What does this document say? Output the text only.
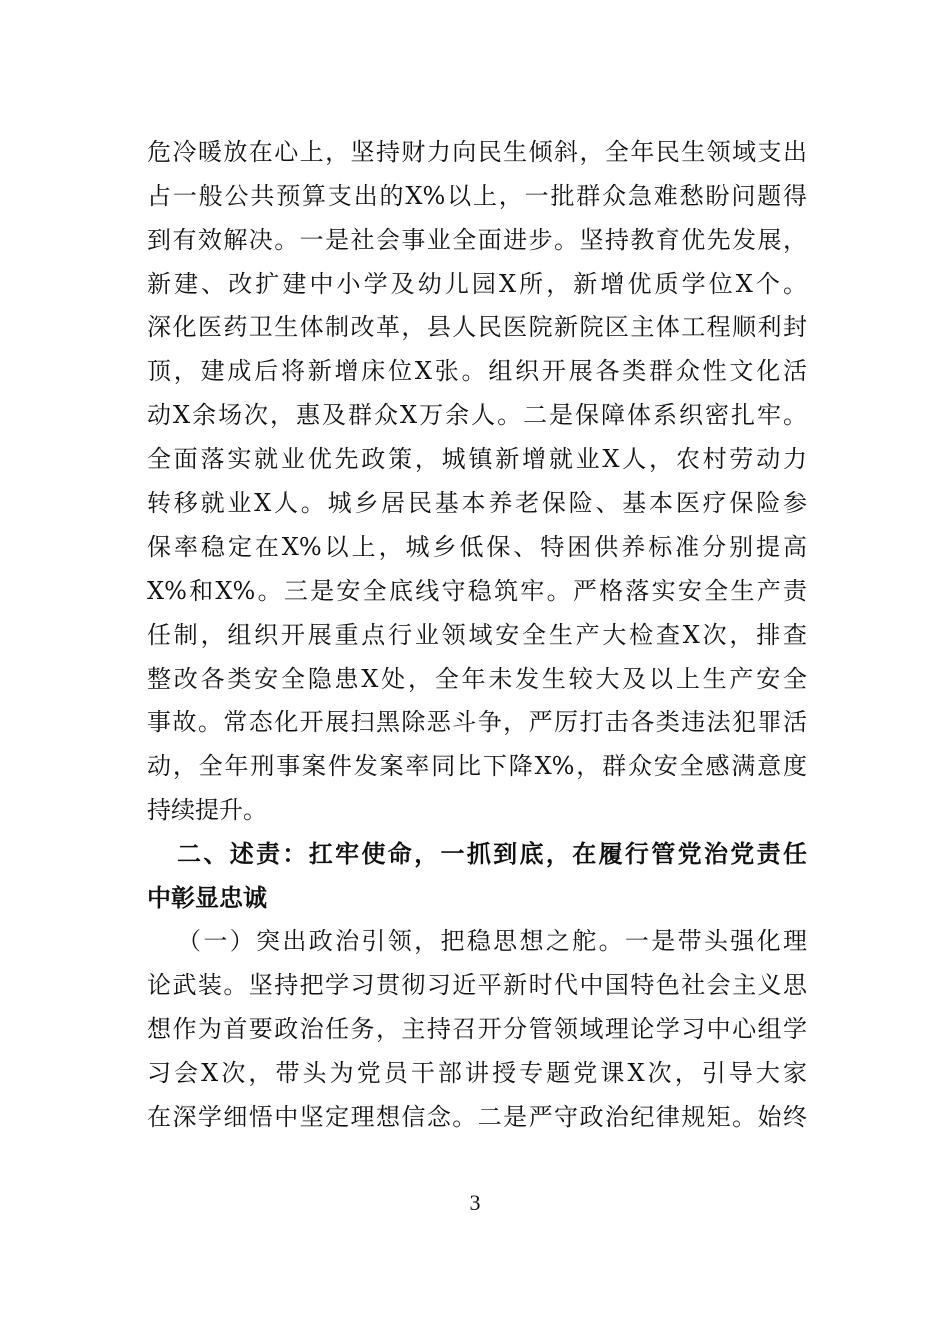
危冷暖放在心上，坚持财力向民生倾斜，全年民生领域支出
占一般公共预算支出的X%以上，一批群众急难愁盼问题得
到有效解决。一是社会事业全面进步。坚持教育优先发展，
新建、改扩建中小学及幼儿园X所，新增优质学位X个。
深化医药卫生体制改革，县人民医院新院区主体工程顺利封
顶，建成后将新增床位X张。组织开展各类群众性文化活
动X余场次，惠及群众X万余人。二是保障体系织密扎牢。
全面落实就业优先政策，城镇新增就业X人，农村劳动力
转移就业X人。城乡居民基本养老保险、基本医疗保险参
保率稳定在X%以上，城乡低保、特困供养标准分别提高
X%和X%。三是安全底线守稳筑牢。严格落实安全生产责
任制，组织开展重点行业领域安全生产大检查X次，排查
整改各类安全隐患X处，全年未发生较大及以上生产安全
事故。常态化开展扫黑除恶斗争，严厉打击各类违法犯罪活
动，全年刑事案件发案率同比下降X%，群众安全感满意度
持续提升。
二、述责：扛牢使命，一抓到底，在履行管党治党责任
中彰显忠诚
（一）突出政治引领，把稳思想之舵。一是带头强化理
论武装。坚持把学习贯彻习近平新时代中国特色社会主义思
想作为首要政治任务，主持召开分管领域理论学习中心组学
习会X次，带头为党员干部讲授专题党课X次，引导大家
在深学细悟中坚定理想信念。二是严守政治纪律规矩。始终
3
